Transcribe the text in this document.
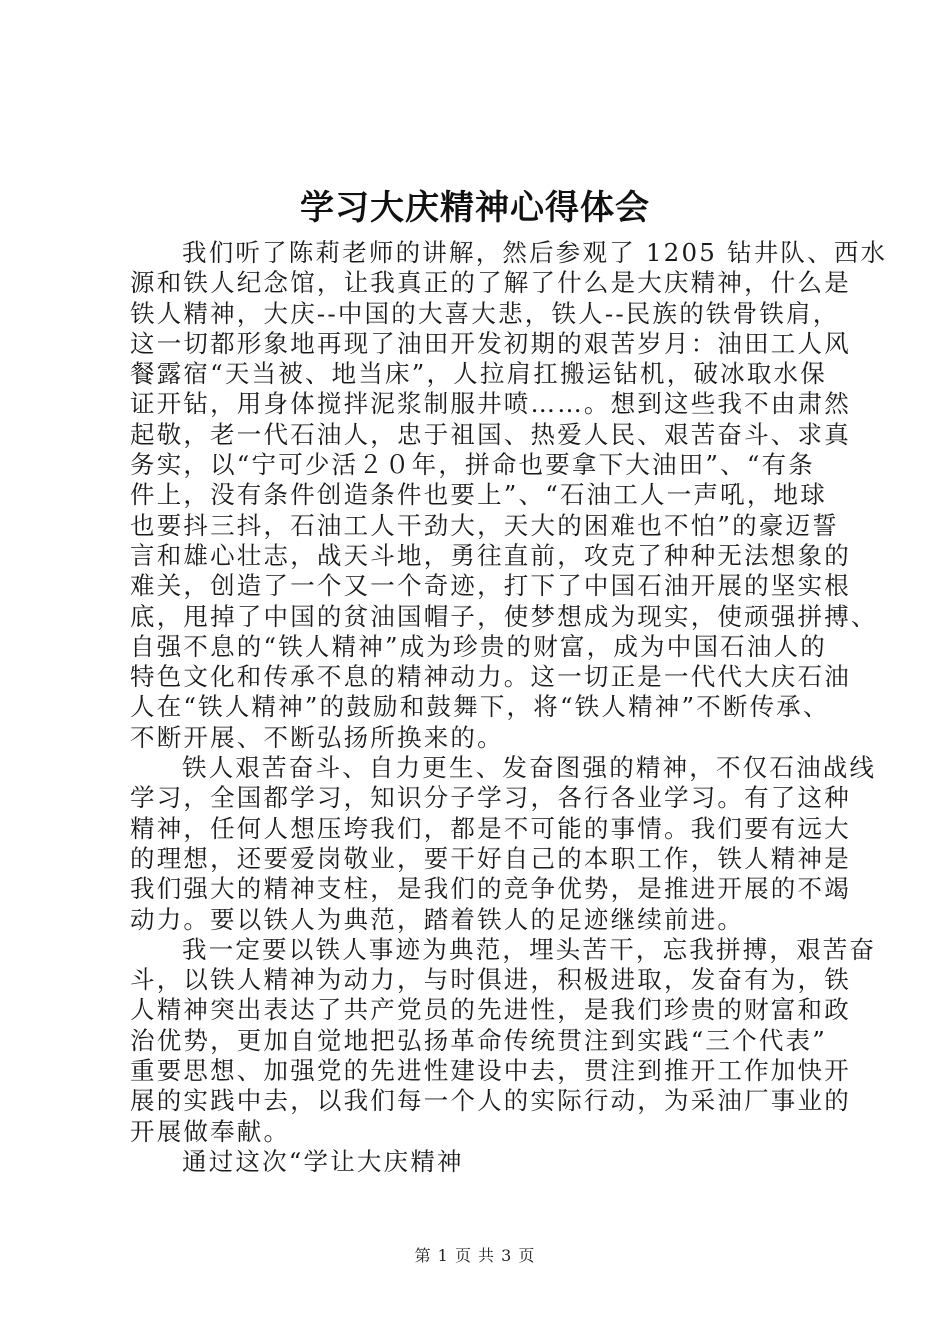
学习大庆精神心得体会
我们听了陈莉老师的讲解，然后参观了 1205 钻井队、西水
源和铁人纪念馆，让我真正的了解了什么是大庆精神，什么是
铁人精神，大庆--中国的大喜大悲，铁人--民族的铁骨铁肩，
这一切都形象地再现了油田开发初期的艰苦岁月：油田工人风
餐露宿“天当被、地当床”，人拉肩扛搬运钻机，破冰取水保
证开钻，用身体搅拌泥浆制服井喷……。想到这些我不由肃然
起敬，老一代石油人，忠于祖国、热爱人民、艰苦奋斗、求真
务实，以“宁可少活２０年，拼命也要拿下大油田”、“有条
件上，没有条件创造条件也要上”、“石油工人一声吼，地球
也要抖三抖，石油工人干劲大，天大的困难也不怕”的豪迈誓
言和雄心壮志，战天斗地，勇往直前，攻克了种种无法想象的
难关，创造了一个又一个奇迹，打下了中国石油开展的坚实根
底，甩掉了中国的贫油国帽子，使梦想成为现实，使顽强拼搏、
自强不息的“铁人精神”成为珍贵的财富，成为中国石油人的
特色文化和传承不息的精神动力。这一切正是一代代大庆石油
人在“铁人精神”的鼓励和鼓舞下，将“铁人精神”不断传承、
不断开展、不断弘扬所换来的。
铁人艰苦奋斗、自力更生、发奋图强的精神，不仅石油战线
学习，全国都学习，知识分子学习，各行各业学习。有了这种
精神，任何人想压垮我们，都是不可能的事情。我们要有远大
的理想，还要爱岗敬业，要干好自己的本职工作，铁人精神是
我们强大的精神支柱，是我们的竞争优势，是推进开展的不竭
动力。要以铁人为典范，踏着铁人的足迹继续前进。
我一定要以铁人事迹为典范，埋头苦干，忘我拼搏，艰苦奋
斗，以铁人精神为动力，与时俱进，积极进取，发奋有为，铁
人精神突出表达了共产党员的先进性，是我们珍贵的财富和政
治优势，更加自觉地把弘扬革命传统贯注到实践“三个代表”
重要思想、加强党的先进性建设中去，贯注到推开工作加快开
展的实践中去，以我们每一个人的实际行动，为采油厂事业的
开展做奉献。
通过这次“学让大庆精神
第 1 页 共 3 页
